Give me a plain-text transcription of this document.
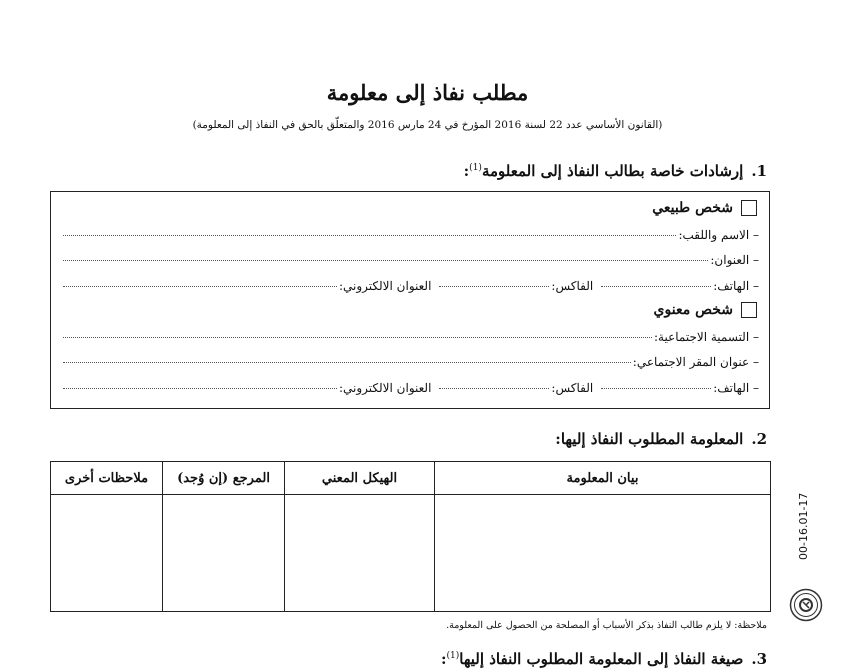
مطلب نفاذ إلى معلومة
(القانون الأساسي عدد 22 لسنة 2016 المؤرخ في 24 مارس 2016 والمتعلّق بالحق في النفاذ إلى المعلومة)
1.إرشادات خاصة بطالب النفاذ إلى المعلومة$^{(1)}$:
شخص طبيعي
– الاسم واللقب:
– العنوان:
– الهاتف:
الفاكس:
العنوان الالكتروني:
شخص معنوي
– التسمية الاجتماعية:
– عنوان المقر الاجتماعي:
– الهاتف:
الفاكس:
العنوان الالكتروني:
2.المعلومة المطلوب النفاذ إليها:
بيان المعلومة	الهيكل المعني	المرجع (إن وُجد)	ملاحظات أخرى

ملاحظة: لا يلزم طالب النفاذ بذكر الأسباب أو المصلحة من الحصول على المعلومة.
3.صيغة النفاذ إلى المعلومة المطلوب النفاذ إليها$^{(1)}$:
00-16.01-17
